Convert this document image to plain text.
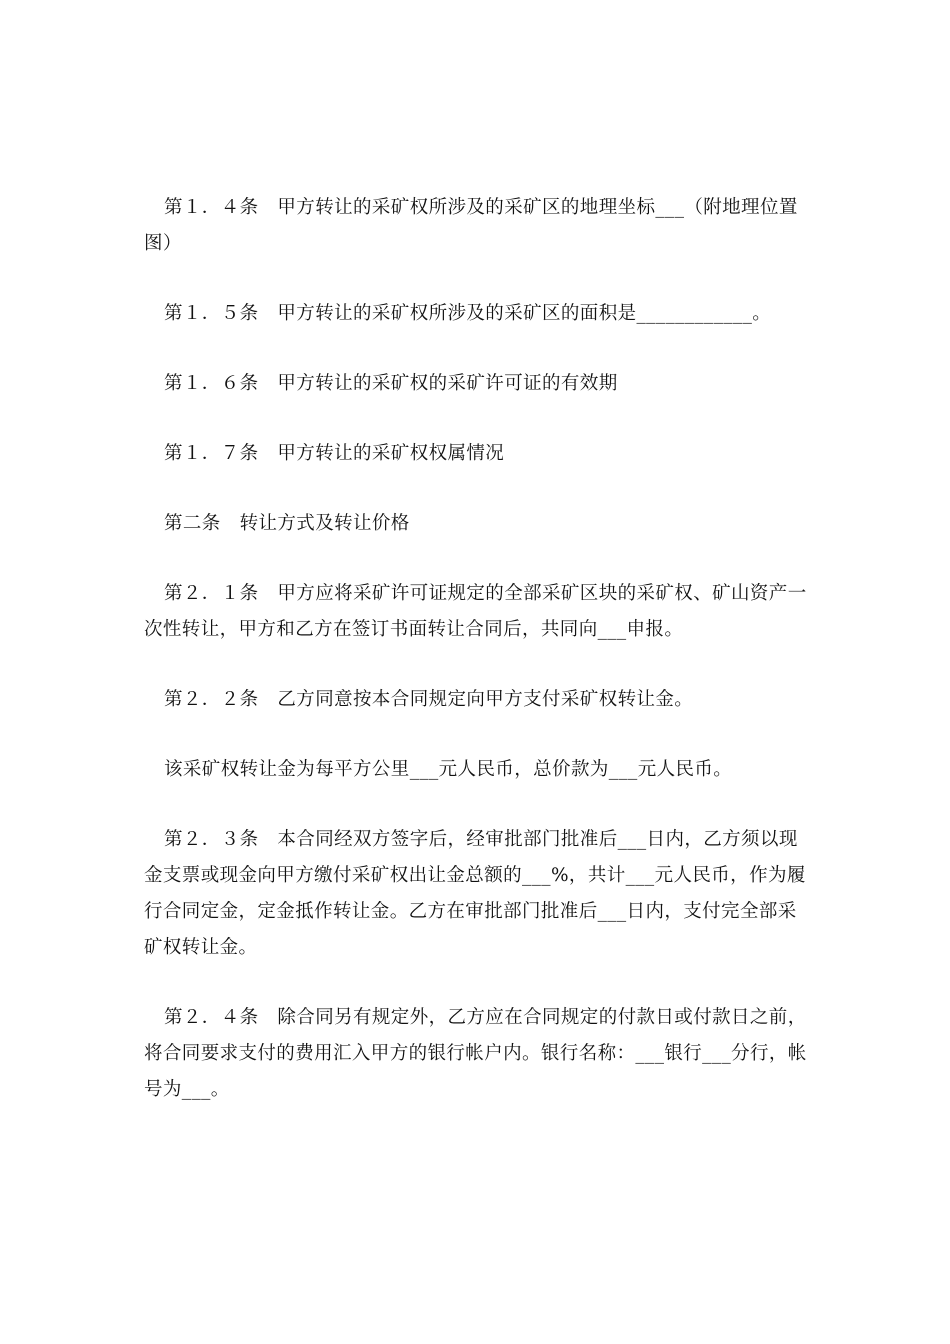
第１．４条　甲方转让的采矿权所涉及的采矿区的地理坐标___（附地理位置图）

第１．５条　甲方转让的采矿权所涉及的采矿区的面积是____________。

第１．６条　甲方转让的采矿权的采矿许可证的有效期

第１．７条　甲方转让的采矿权权属情况

第二条　转让方式及转让价格

第２．１条　甲方应将采矿许可证规定的全部采矿区块的采矿权、矿山资产一次性转让，甲方和乙方在签订书面转让合同后，共同向___申报。

第２．２条　乙方同意按本合同规定向甲方支付采矿权转让金。

该采矿权转让金为每平方公里___元人民币，总价款为___元人民币。

第２．３条　本合同经双方签字后，经审批部门批准后___日内，乙方须以现金支票或现金向甲方缴付采矿权出让金总额的___%，共计___元人民币，作为履行合同定金，定金抵作转让金。乙方在审批部门批准后___日内，支付完全部采矿权转让金。

第２．４条　除合同另有规定外，乙方应在合同规定的付款日或付款日之前，将合同要求支付的费用汇入甲方的银行帐户内。银行名称：___银行___分行，帐号为___。
